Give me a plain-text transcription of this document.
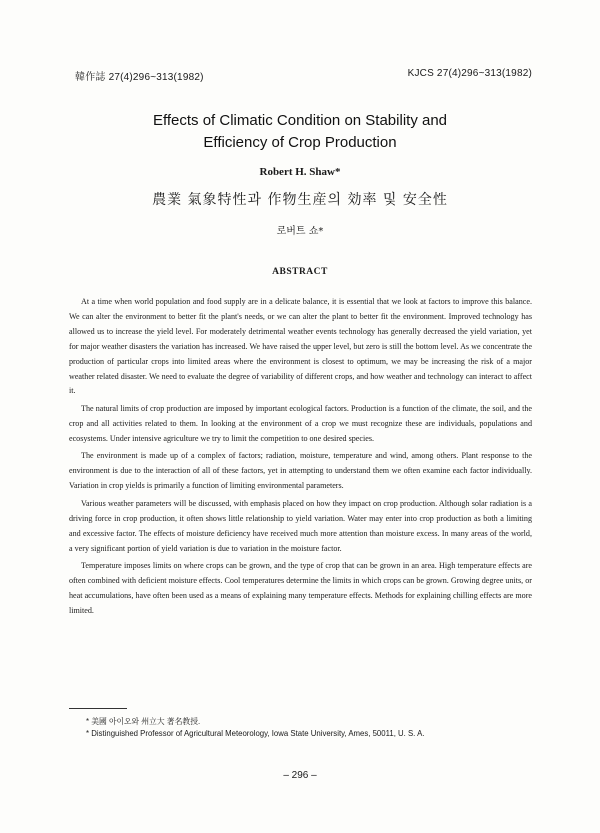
韓作誌 27(4)296~313(1982)	KJCS 27(4)296~313(1982)
Effects of Climatic Condition on Stability and
Efficiency of Crop Production
Robert H. Shaw*
農業 氣象特性과 作物生産의 効率 및 安全性
로버트 쇼*
ABSTRACT

At a time when world population and food supply are in a delicate balance, it is essential that we look at factors to improve this balance. We can alter the environment to better fit the plant's needs, or we can alter the plant to better fit the environment. Improved technology has allowed us to increase the yield level. For moderately detrimental weather events technology has generally decreased the yield variation, yet for major weather disasters the variation has increased. We have raised the upper level, but zero is still the bottom level. As we concentrate the production of particular crops into limited areas where the environment is closest to optimum, we may be increasing the risk of a major weather related disaster. We need to evaluate the degree of variability of different crops, and how weather and technology can interact to affect it.

The natural limits of crop production are imposed by important ecological factors. Production is a function of the climate, the soil, and the crop and all activities related to them. In looking at the environment of a crop we must recognize these are individuals, populations and ecosystems. Under intensive agriculture we try to limit the competition to one desired species.

The environment is made up of a complex of factors; radiation, moisture, temperature and wind, among others. Plant response to the environment is due to the interaction of all of these factors, yet in attempting to understand them we often examine each factor individually. Variation in crop yields is primarily a function of limiting environmental parameters.

Various weather parameters will be discussed, with emphasis placed on how they impact on crop production. Although solar radiation is a driving force in crop production, it often shows little relationship to yield variation. Water may enter into crop production as both a limiting and excessive factor. The effects of moisture deficiency have received much more attention than moisture excess. In many areas of the world, a very significant portion of yield variation is due to variation in the moisture factor.

Temperature imposes limits on where crops can be grown, and the type of crop that can be grown in an area. High temperature effects are often combined with deficient moisture effects. Cool temperatures determine the limits in which crops can be grown. Growing degree units, or heat accumulations, have often been used as a means of explaining many temperature effects. Methods for explaining chilling effects are more limited.

* 美國 아이오와 州立大 著名教授.
* Distinguished Professor of Agricultural Meteorology, Iowa State University, Ames, 50011, U. S. A.
– 296 –
